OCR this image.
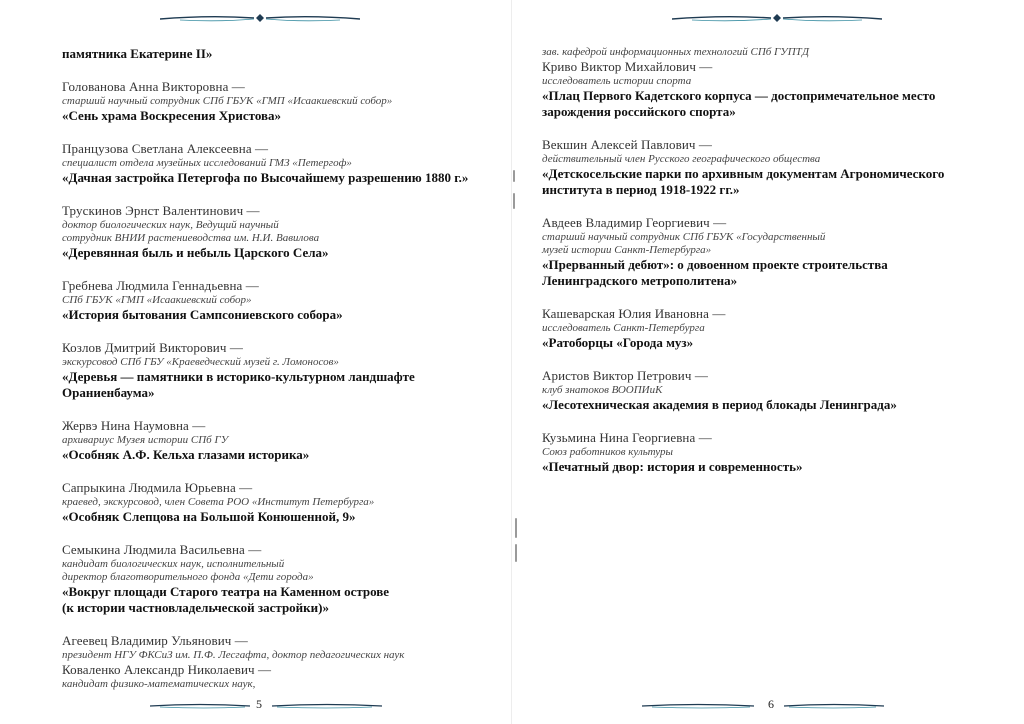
памятника Екатерине II»
Голованова Анна Викторовна —
старший научный сотрудник СПб ГБУК «ГМП «Исаакиевский собор»
«Сень храма Воскресения Христова»
Пранцузова Светлана Алексеевна —
специалист отдела музейных исследований ГМЗ «Петергоф»
«Дачная застройка Петергофа по Высочайшему разрешению 1880 г.»
Трускинов Эрнст Валентинович —
доктор биологических наук, Ведущий научный
сотрудник ВНИИ растениеводства им. Н.И. Вавилова
«Деревянная быль и небыль Царского Села»
Гребнева Людмила Геннадьевна —
СПб ГБУК «ГМП «Исаакиевский собор»
«История бытования Сампсониевского собора»
Козлов Дмитрий Викторович —
экскурсовод СПб ГБУ «Краеведческий музей г. Ломоносов»
«Деревья — памятники в историко-культурном ландшафте
Ораниенбаума»
Жервэ Нина Наумовна —
архивариус Музея истории СПб ГУ
«Особняк А.Ф. Кельха глазами историка»
Сапрыкина Людмила Юрьевна —
краевед, экскурсовод, член Совета РОО «Институт Петербурга»
«Особняк Слепцова на Большой Конюшенной, 9»
Семыкина Людмила Васильевна —
кандидат биологических наук, исполнительный
директор благотворительного фонда «Дети города»
«Вокруг площади Старого театра на Каменном острове
(к истории частновладельческой застройки)»
Агеевец Владимир Ульянович —
президент НГУ ФКСиЗ им. П.Ф. Лесгафта, доктор педагогических наук
Коваленко Александр Николаевич —
кандидат физико-математических наук,
5
зав. кафедрой информационных технологий СПб ГУПТД
Криво Виктор Михайлович —
исследователь истории спорта
«Плац Первого Кадетского корпуса — достопримечательное место
зарождения российского спорта»
Векшин Алексей Павлович —
действительный член Русского географического общества
«Детскосельские парки по архивным документам Агрономического
института в период 1918-1922 гг.»
Авдеев Владимир Георгиевич —
старший научный сотрудник СПб ГБУК «Государственный
музей истории Санкт-Петербурга»
«Прерванный дебют»: о довоенном проекте строительства
Ленинградского метрополитена»
Кашеварская Юлия Ивановна —
исследователь Санкт-Петербурга
«Ратоборцы «Города муз»
Аристов Виктор Петрович —
клуб знатоков ВООПИиК
«Лесотехническая академия в период блокады Ленинграда»
Кузьмина Нина Георгиевна —
Союз работников культуры
«Печатный двор: история и современность»
6
